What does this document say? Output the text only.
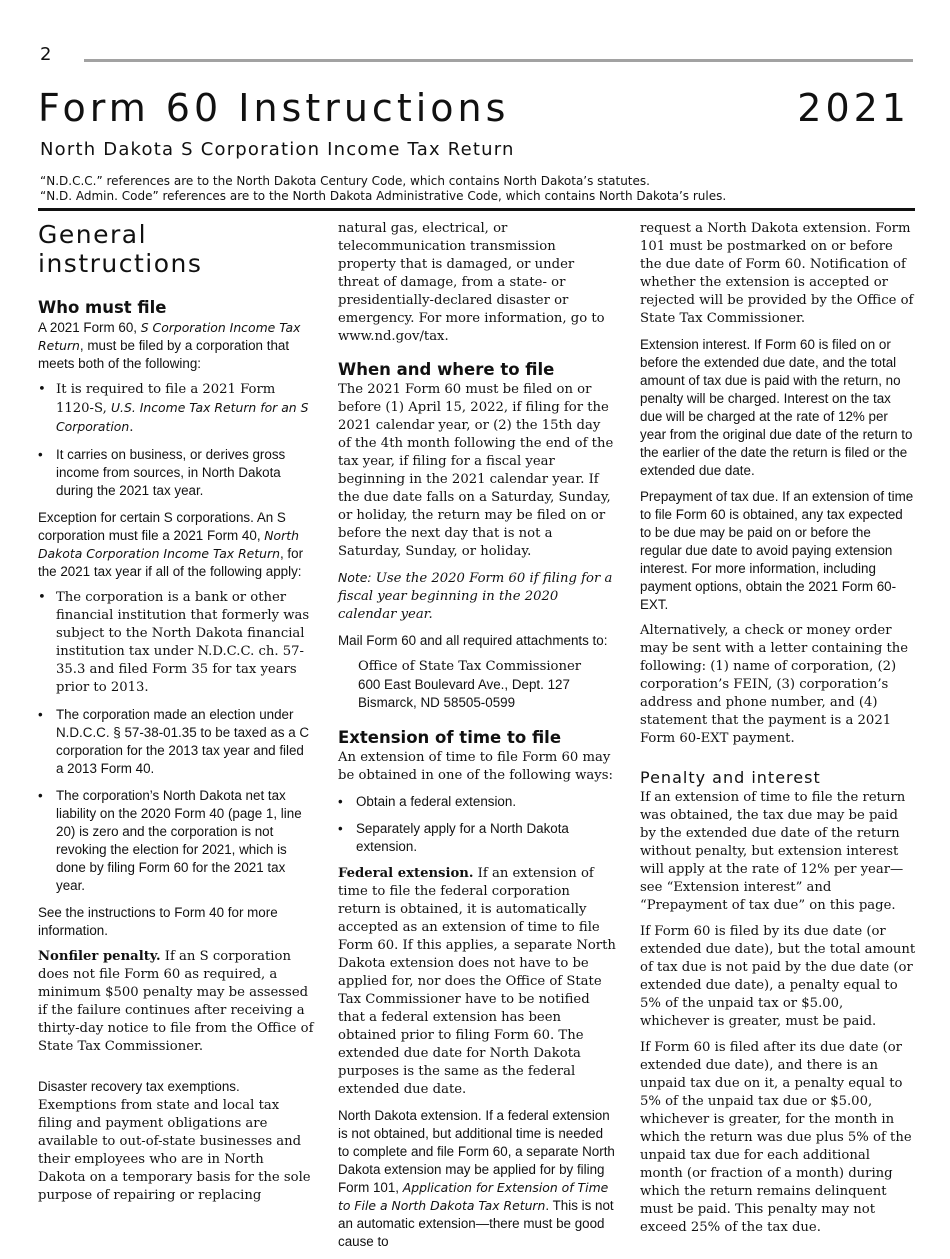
2
Form 60 Instructions	2021
North Dakota S Corporation Income Tax Return
“N.D.C.C.” references are to the North Dakota Century Code, which contains North Dakota’s statutes.
“N.D. Admin. Code” references are to the North Dakota Administrative Code, which contains North Dakota’s rules.
General
instructions
Who must file

A 2021 Form 60, S Corporation Income Tax Return, must be filed by a corporation that meets both of the following:

• It is required to file a 2021 Form 1120-S, U.S. Income Tax Return for an S Corporation.
• It carries on business, or derives gross income from sources, in North Dakota during the 2021 tax year.

Exception for certain S corporations. An S corporation must file a 2021 Form 40, North Dakota Corporation Income Tax Return, for the 2021 tax year if all of the following apply:

• The corporation is a bank or other financial institution that formerly was subject to the North Dakota financial institution tax under N.D.C.C. ch. 57-35.3 and filed Form 35 for tax years prior to 2013.
• The corporation made an election under N.D.C.C. § 57-38-01.35 to be taxed as a C corporation for the 2013 tax year and filed a 2013 Form 40.
• The corporation’s North Dakota net tax liability on the 2020 Form 40 (page 1, line 20) is zero and the corporation is not revoking the election for 2021, which is done by filing Form 60 for the 2021 tax year.

See the instructions to Form 40 for more information.

Nonfiler penalty. If an S corporation does not file Form 60 as required, a minimum $500 penalty may be assessed if the failure continues after receiving a thirty-day notice to file from the Office of State Tax Commissioner.

Disaster recovery tax exemptions.
Exemptions from state and local tax filing and payment obligations are available to out-of-state businesses and their employees who are in North Dakota on a temporary basis for the sole purpose of repairing or replacing

natural gas, electrical, or telecommunication transmission property that is damaged, or under threat of damage, from a state- or presidentially-declared disaster or emergency. For more information, go to www.nd.gov/tax.

When and where to file

The 2021 Form 60 must be filed on or before (1) April 15, 2022, if filing for the 2021 calendar year, or (2) the 15th day of the 4th month following the end of the tax year, if filing for a fiscal year beginning in the 2021 calendar year. If the due date falls on a Saturday, Sunday, or holiday, the return may be filed on or before the next day that is not a Saturday, Sunday, or holiday.

Note: Use the 2020 Form 60 if filing for a fiscal year beginning in the 2020 calendar year.

Mail Form 60 and all required attachments to:

Office of State Tax Commissioner
600 East Boulevard Ave., Dept. 127
Bismarck, ND 58505-0599
Extension of time to file

An extension of time to file Form 60 may be obtained in one of the following ways:

• Obtain a federal extension.
• Separately apply for a North Dakota extension.

Federal extension. If an extension of time to file the federal corporation return is obtained, it is automatically accepted as an extension of time to file Form 60. If this applies, a separate North Dakota extension does not have to be applied for, nor does the Office of State Tax Commissioner have to be notified that a federal extension has been obtained prior to filing Form 60. The extended due date for North Dakota purposes is the same as the federal extended due date.

North Dakota extension. If a federal extension is not obtained, but additional time is needed to complete and file Form 60, a separate North Dakota extension may be applied for by filing Form 101, Application for Extension of Time to File a North Dakota Tax Return. This is not an automatic extension—there must be good cause to

request a North Dakota extension. Form 101 must be postmarked on or before the due date of Form 60. Notification of whether the extension is accepted or rejected will be provided by the Office of State Tax Commissioner.

Extension interest. If Form 60 is filed on or before the extended due date, and the total amount of tax due is paid with the return, no penalty will be charged. Interest on the tax due will be charged at the rate of 12% per year from the original due date of the return to the earlier of the date the return is filed or the extended due date.

Prepayment of tax due. If an extension of time to file Form 60 is obtained, any tax expected to be due may be paid on or before the regular due date to avoid paying extension interest. For more information, including payment options, obtain the 2021 Form 60-EXT.

Alternatively, a check or money order may be sent with a letter containing the following: (1) name of corporation, (2) corporation’s FEIN, (3) corporation’s address and phone number, and (4) statement that the payment is a 2021 Form 60-EXT payment.

Penalty and interest

If an extension of time to file the return was obtained, the tax due may be paid by the extended due date of the return without penalty, but extension interest will apply at the rate of 12% per year—see “Extension interest” and “Prepayment of tax due” on this page.

If Form 60 is filed by its due date (or extended due date), but the total amount of tax due is not paid by the due date (or extended due date), a penalty equal to 5% of the unpaid tax or $5.00, whichever is greater, must be paid.

If Form 60 is filed after its due date (or extended due date), and there is an unpaid tax due on it, a penalty equal to 5% of the unpaid tax due or $5.00, whichever is greater, for the month in which the return was due plus 5% of the unpaid tax due for each additional month (or fraction of a month) during which the return remains delinquent must be paid. This penalty may not exceed 25% of the tax due.
